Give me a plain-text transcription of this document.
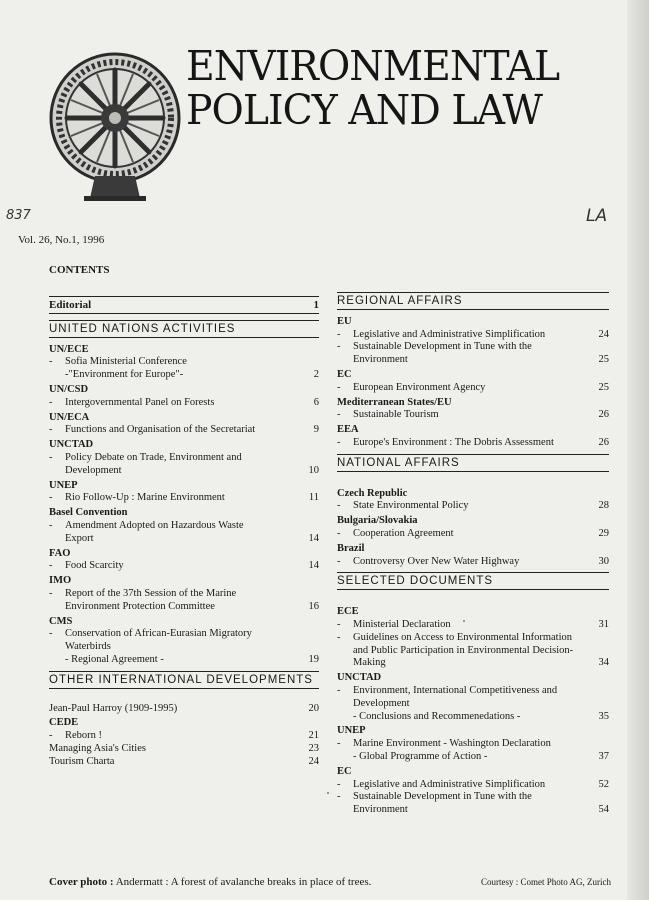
ENVIRONMENTAL
POLICY AND LAW
837	LA
Vol. 26, No.1, 1996
CONTENTS
Editorial	1
UNITED NATIONS ACTIVITIES
UN/ECE
- Sofia Ministerial Conference
-"Environment for Europe"-	2
UN/CSD
- Intergovernmental Panel on Forests	6
UN/ECA
- Functions and Organisation of the Secretariat	9
UNCTAD
- Policy Debate on Trade, Environment and
Development	10
UNEP
- Rio Follow-Up : Marine Environment	11
Basel Convention
- Amendment Adopted on Hazardous Waste
Export	14
FAO
- Food Scarcity	14
IMO
- Report of the 37th Session of the Marine
Environment Protection Committee	16
CMS
- Conservation of African-Eurasian Migratory
Waterbirds
- Regional Agreement -	19
OTHER INTERNATIONAL DEVELOPMENTS
Jean-Paul Harroy (1909-1995)	20
CEDE
- Reborn !	21
Managing Asia's Cities	23
Tourism Charta	24
REGIONAL AFFAIRS
EU
- Legislative and Administrative Simplification	24
- Sustainable Development in Tune with the
Environment	25
EC
- European Environment Agency	25
Mediterranean States/EU
- Sustainable Tourism	26
EEA
- Europe's Environment : The Dobris Assessment	26
NATIONAL AFFAIRS
Czech Republic
- State Environmental Policy	28
Bulgaria/Slovakia
- Cooperation Agreement	29
Brazil
- Controversy Over New Water Highway	30
SELECTED DOCUMENTS
ECE
- Ministerial Declaration	31
- Guidelines on Access to Environmental Information
and Public Participation in Environmental Decision-
Making	34
UNCTAD
- Environment, International Competitiveness and
Development
- Conclusions and Recommenedations -	35
UNEP
- Marine Environment - Washington Declaration
- Global Programme of Action -	37
EC
- Legislative and Administrative Simplification	52
- Sustainable Development in Tune with the
Environment	54
Cover photo : Andermatt : A forest of avalanche breaks in place of trees.	Courtesy : Comet Photo AG, Zurich
